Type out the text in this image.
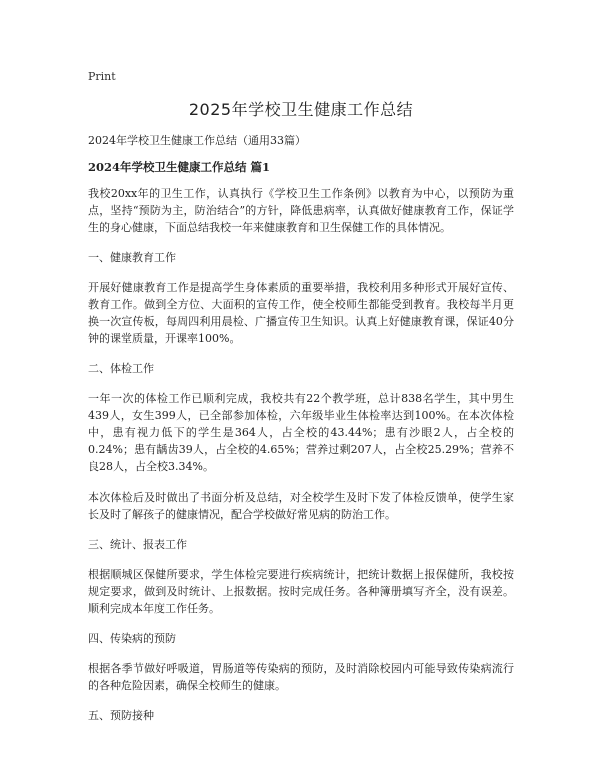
Print
2025年学校卫生健康工作总结
2024年学校卫生健康工作总结（通用33篇）
2024年学校卫生健康工作总结 篇1

我校20xx年的卫生工作，认真执行《学校卫生工作条例》以教育为中心，以预防为重点，坚持“预防为主，防治结合”的方针，降低患病率，认真做好健康教育工作，保证学生的身心健康，下面总结我校一年来健康教育和卫生保健工作的具体情况。

一、健康教育工作

开展好健康教育工作是提高学生身体素质的重要举措，我校利用多种形式开展好宣传、教育工作。做到全方位、大面积的宣传工作，使全校师生都能受到教育。我校每半月更换一次宣传板，每周四利用晨检、广播宣传卫生知识。认真上好健康教育课，保证40分钟的课堂质量，开课率100%。

二、体检工作

一年一次的体检工作已顺利完成，我校共有22个教学班，总计838名学生，其中男生439人，女生399人，已全部参加体检，六年级毕业生体检率达到100%。在本次体检中，患有视力低下的学生是364人，占全校的43.44%；患有沙眼2人，占全校的0.24%；患有龋齿39人，占全校的4.65%；营养过剩207人，占全校25.29%；营养不良28人，占全校3.34%。

本次体检后及时做出了书面分析及总结，对全校学生及时下发了体检反馈单，使学生家长及时了解孩子的健康情况，配合学校做好常见病的防治工作。

三、统计、报表工作

根据顺城区保健所要求，学生体检完要进行疾病统计，把统计数据上报保健所，我校按规定要求，做到及时统计、上报数据。按时完成任务。各种簿册填写齐全，没有误差。顺利完成本年度工作任务。

四、传染病的预防

根据各季节做好呼吸道，胃肠道等传染病的预防，及时消除校园内可能导致传染病流行的各种危险因素，确保全校师生的健康。

五、预防接种
